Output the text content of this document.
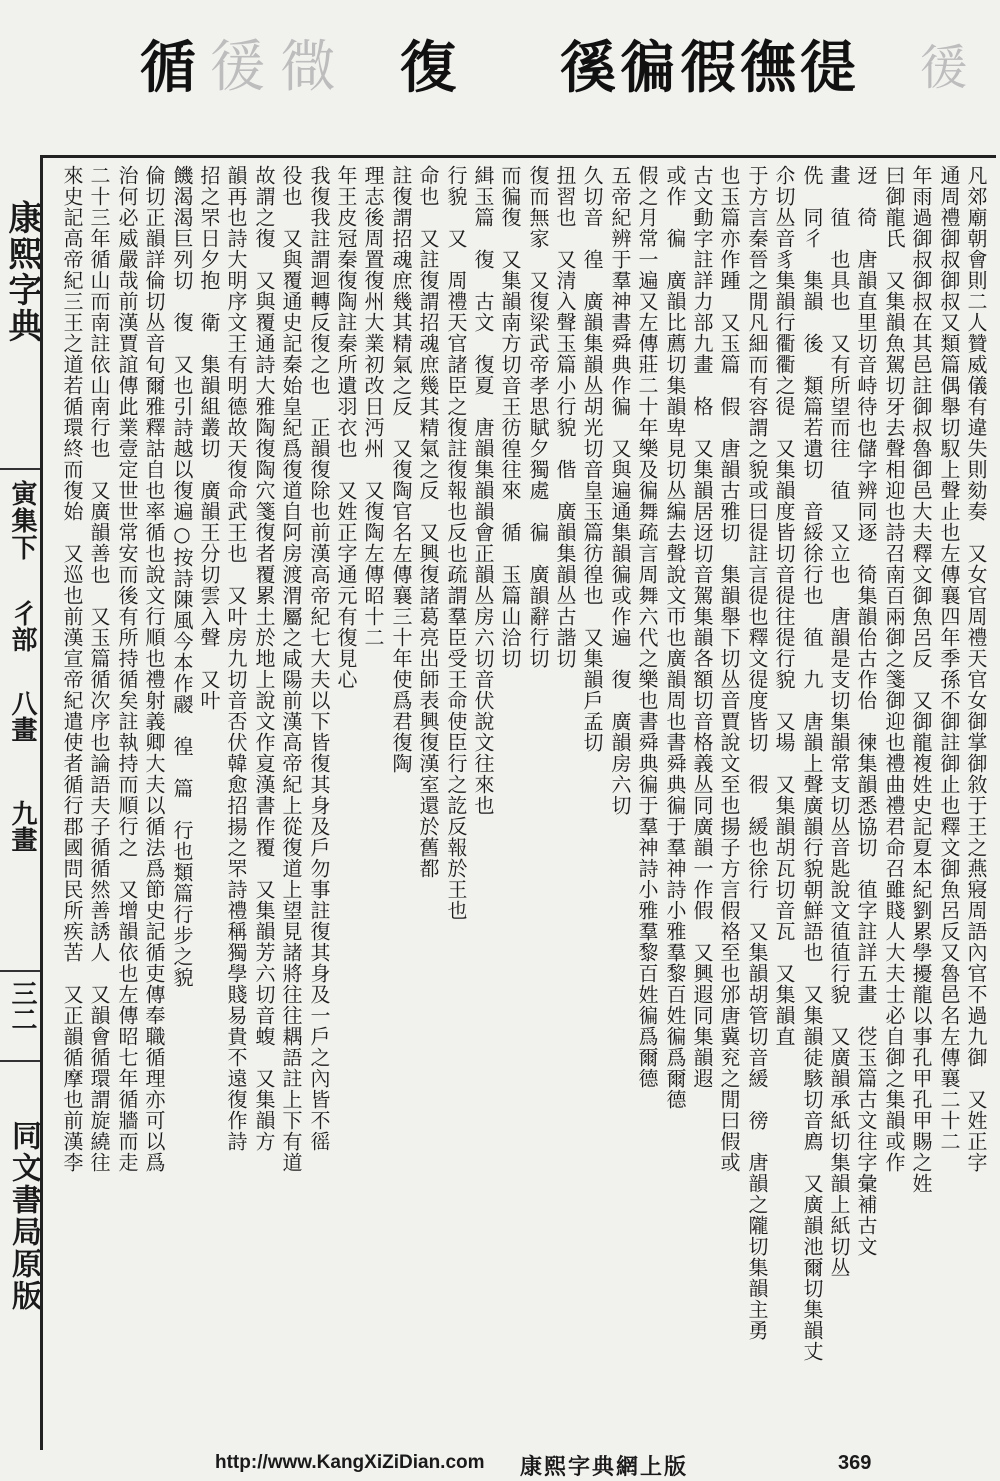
循 㣪 㣲 復 徯 徧 徦 㣳 徥 㣪
康熙字典
寅集下
彳部
八畫
九畫
三二
同文書局原版
凡郊廟朝會則二人贊威儀有違失則劾奏　又女官周禮天官女御掌御敘于王之燕寢周語內官不過九御　又姓正字
通周禮御叔御叔又類篇偶舉切馭上聲止也左傳襄四年季孫不御註御止也釋文御魚呂反又魯邑名左傳襄二十二
年雨過御叔御叔在其邑註御叔魯御邑大夫釋文御魚呂反　又御龍複姓史記夏本紀劉累學擾龍以事孔甲孔甲賜之姓
曰御龍氏　又集韻魚駕切牙去聲相迎也詩召南百兩御之箋御迎也禮曲禮君命召雖賤人大夫士必自御之集韻或作
迓　徛　唐韻直里切音峙待也儲字辨同逐　徛集韻佁古作佁　徚集韻悉協切　徝字註詳五畫　徔玉篇古文往字彙補古文
畫　徝　也具也　又有所望而往　徝　又立也　唐韻是支切集韻常支切丛音匙說文徝徝行貌　又廣韻承紙切集韻上紙切丛
侁　同彳　集韻　後　類篇若遺切　音綏徐行也　徝　九　唐韻上聲廣韻行貌朝鮮語也　又集韻徒駭切音廌　又廣韻池爾切集韻丈
尒切丛音豸集韻行衢衢之徥　又集韻度皆切音徥往徥行貌　又場　又集韻胡瓦切音瓦　又集韻直
于方言秦晉之閒凡細而有容謂之貌或曰徥註言徥也釋文徥度皆切　徦　緩也徐行　又集韻胡管切音緩　徬　唐韻之隴切集韻主勇
也玉篇亦作踵　又玉篇　假　唐韻古雅切　集韻舉下切丛音賈說文至也揚子方言假袼至也邠唐冀兖之閒曰假或
古文動字註詳力部九畫　格　又集韻居迓切音駕集韻各額切音格義丛同廣韻一作假　又興遐同集韻遐
或作　徧　廣韻比薦切集韻卑見切丛編去聲說文帀也廣韻周也書舜典徧于羣神詩小雅羣黎百姓徧爲爾德
假之月常一遍又左傳莊二十年樂及徧舞疏言周舞六代之樂也書舜典徧于羣神詩小雅羣黎百姓徧爲爾德
五帝紀辨于羣神書舜典作徧　又與遍通集韻徧或作遍　復　廣韻房六切
久切音　徨　廣韻集韻丛胡光切音皇玉篇彷徨也　又集韻戶孟切
扭習也　又清入聲玉篇小行貌　偕　廣韻集韻丛古諧切
復而無家　又復梁武帝孝思賦夕獨處　徧　廣韻辭行切
而徧復　又集韻南方切音王彷徨往來　循　玉篇山洽切
緝玉篇　復　古文　復夏　唐韻集韻韻會正韻丛房六切音伏說文往來也
行貌　又　周禮天官諸臣之復註復報也反也疏謂羣臣受王命使臣行之訖反報於王也
命也　又註復謂招魂庶幾其精氣之反　又興復諸葛亮出師表興復漢室還於舊都
註復謂招魂庶幾其精氣之反　又復陶官名左傳襄三十年使爲君復陶
理志後周置復州大業初改日沔州　又復陶左傳昭十二
年王皮冠秦復陶註秦所遺羽衣也　又姓正字通元有復見心
我復我註謂迴轉反復之也　正韻復除也前漢高帝紀七大夫以下皆復其身及戶勿事註復其身及一戶之內皆不徭
役也　又與覆通史記秦始皇紀爲復道自阿房渡渭屬之咸陽前漢高帝紀上從復道上望見諸將往往耦語註上下有道
故謂之復　又與覆通詩大雅陶復陶穴箋復者覆累土於地上說文作㚆漢書作覆　又集韻芳六切音蝮　又集韻方
韻再也詩大明序文王有明德故天復命武王也　又叶房九切音否伏韓愈招揚之罘詩禮稱獨學賤易貴不遠復作詩
招之罘日夕抱　衛　集韻組叢切　廣韻王分切雲入聲　又叶
饑渴渴巨列切　復　又也引詩越以復遍○按詩陳風今本作鬷　徨　篇　行也類篇行步之貌
倫切正韻詳倫切丛音旬爾雅釋詁自也率循也說文行順也禮射義卿大夫以循法爲節史記循吏傳奉職循理亦可以爲
治何必威嚴哉前漢賈誼傳此業壹定世世常安而後有所持循矣註執持而順行之　又增韻依也左傳昭七年循牆而走
二十三年循山而南註依山南行也　又廣韻善也　又玉篇循次序也論語夫子循循然善誘人　又韻會循環謂旋繞往
來史記高帝紀三王之道若循環終而復始　又巡也前漢宣帝紀遣使者循行郡國問民所疾苦　又正韻循摩也前漢李
http://www.KangXiZiDian.com 康熙字典網上版	369
